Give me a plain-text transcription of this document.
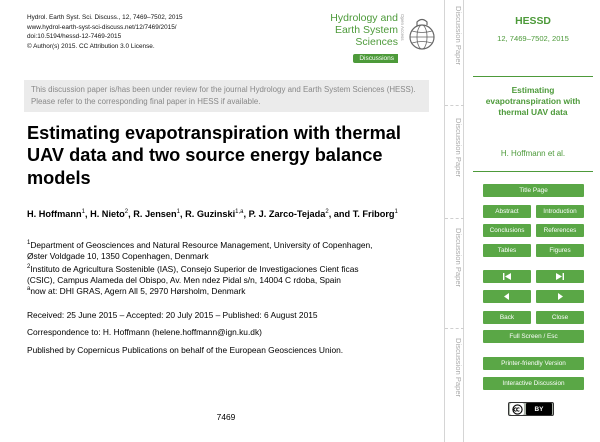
Hydrol. Earth Syst. Sci. Discuss., 12, 7469–7502, 2015
www.hydrol-earth-syst-sci-discuss.net/12/7469/2015/
doi:10.5194/hessd-12-7469-2015
© Author(s) 2015. CC Attribution 3.0 License.
Hydrology and
Earth System
Sciences
Discussions
Open Access
This discussion paper is/has been under review for the journal Hydrology and Earth System Sciences (HESS). Please refer to the corresponding final paper in HESS if available.
Estimating evapotranspiration with thermal UAV data and two source energy balance models
H. Hoffmann$^1$, H. Nieto$^2$, R. Jensen$^1$, R. Guzinski$^{1,a}$, P. J. Zarco-Tejada$^2$, and T. Friborg$^1$
$^1$Department of Geosciences and Natural Resource Management, University of Copenhagen,
Øster Voldgade 10, 1350 Copenhagen, Denmark
$^2$Instituto de Agricultura Sostenible (IAS), Consejo Superior de Investigaciones Cient ficas
(CSIC), Campus Alameda del Obispo, Av. Men ndez Pidal s/n, 14004 C rdoba, Spain
$^a$now at: DHI GRAS, Agern All 5, 2970 Hørsholm, Denmark
Received: 25 June 2015 – Accepted: 20 July 2015 – Published: 6 August 2015
Correspondence to: H. Hoffmann (helene.hoffmann@ign.ku.dk)
Published by Copernicus Publications on behalf of the European Geosciences Union.
7469
Discussion Paper
Discussion Paper
Discussion Paper
Discussion Paper
HESSD
12, 7469–7502, 2015
Estimating evapotranspiration with thermal UAV data
H. Hoffmann et al.
Title Page
Abstract	Introduction
Conclusions	References
Tables	Figures
Back	Close
Full Screen / Esc
Printer-friendly Version
Interactive Discussion
BY
